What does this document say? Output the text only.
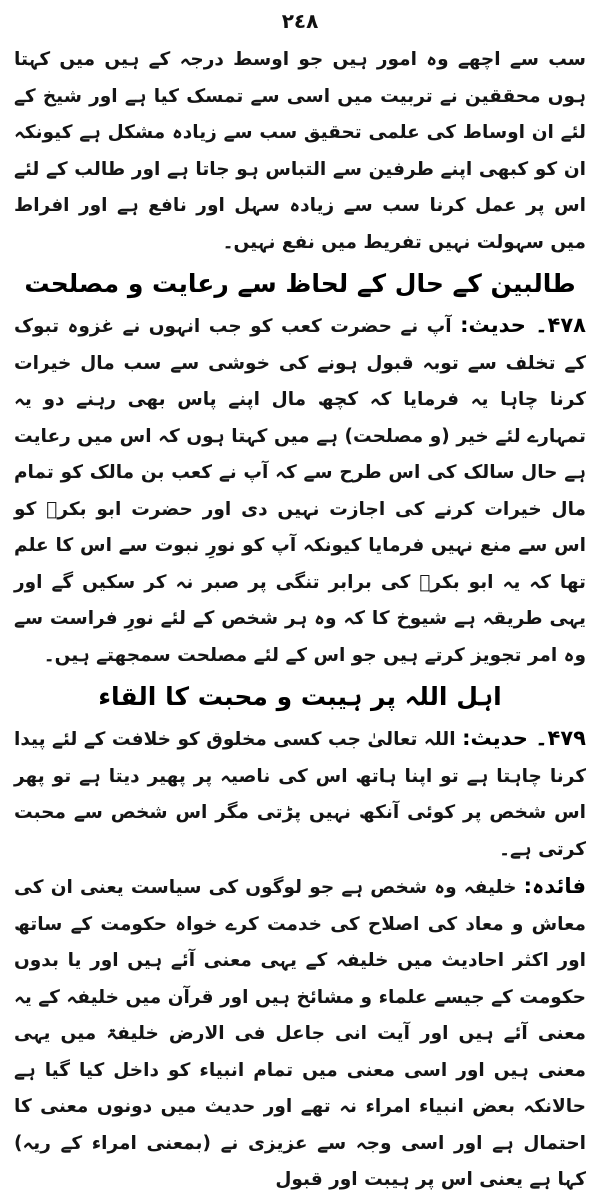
٢٤٨

سب سے اچھے وہ امور ہیں جو اوسط درجہ کے ہیں میں کہتا ہوں محققین نے تربیت میں اسی سے تمسک کیا ہے اور شیخ کے لئے ان اوساط کی علمی تحقیق سب سے زیادہ مشکل ہے کیونکہ ان کو کبھی اپنے طرفین سے التباس ہو جاتا ہے اور طالب کے لئے اس پر عمل کرنا سب سے زیادہ سہل اور نافع ہے اور افراط میں سہولت نہیں تفریط میں نفع نہیں۔

طالبین کے حال کے لحاظ سے رعایت و مصلحت

۴۷۸۔ حدیث: آپ نے حضرت کعب کو جب انہوں نے غزوہ تبوک کے تخلف سے توبہ قبول ہونے کی خوشی سے سب مال خیرات کرنا چاہا یہ فرمایا کہ کچھ مال اپنے پاس بھی رہنے دو یہ تمہارے لئے خیر (و مصلحت) ہے میں کہتا ہوں کہ اس میں رعایت ہے حال سالک کی اس طرح سے کہ آپ نے کعب بن مالک کو تمام مال خیرات کرنے کی اجازت نہیں دی اور حضرت ابو بکرؓ کو اس سے منع نہیں فرمایا کیونکہ آپ کو نورِ نبوت سے اس کا علم تھا کہ یہ ابو بکرؓ کی برابر تنگی پر صبر نہ کر سکیں گے اور یہی طریقہ ہے شیوخ کا کہ وہ ہر شخص کے لئے نورِ فراست سے وہ امر تجویز کرتے ہیں جو اس کے لئے مصلحت سمجھتے ہیں۔

اہل اللہ پر ہیبت و محبت کا القاء

۴۷۹۔ حدیث: اللہ تعالیٰ جب کسی مخلوق کو خلافت کے لئے پیدا کرنا چاہتا ہے تو اپنا ہاتھ اس کی ناصیہ پر پھیر دیتا ہے تو پھر اس شخص پر کوئی آنکھ نہیں پڑتی مگر اس شخص سے محبت کرتی ہے۔

فائدہ: خلیفہ وہ شخص ہے جو لوگوں کی سیاست یعنی ان کی معاش و معاد کی اصلاح کی خدمت کرے خواہ حکومت کے ساتھ اور اکثر احادیث میں خلیفہ کے یہی معنی آئے ہیں اور یا بدوں حکومت کے جیسے علماء و مشائخ ہیں اور قرآن میں خلیفہ کے یہ معنی آئے ہیں اور آیت انی جاعل فی الارض خلیفۃ میں یہی معنی ہیں اور اسی معنی میں تمام انبیاء کو داخل کیا گیا ہے حالانکہ بعض انبیاء امراء نہ تھے اور حدیث میں دونوں معنی کا احتمال ہے اور اسی وجہ سے عزیزی نے (بمعنی امراء کے ریہ) کہا ہے یعنی اس پر ہیبت اور قبول
